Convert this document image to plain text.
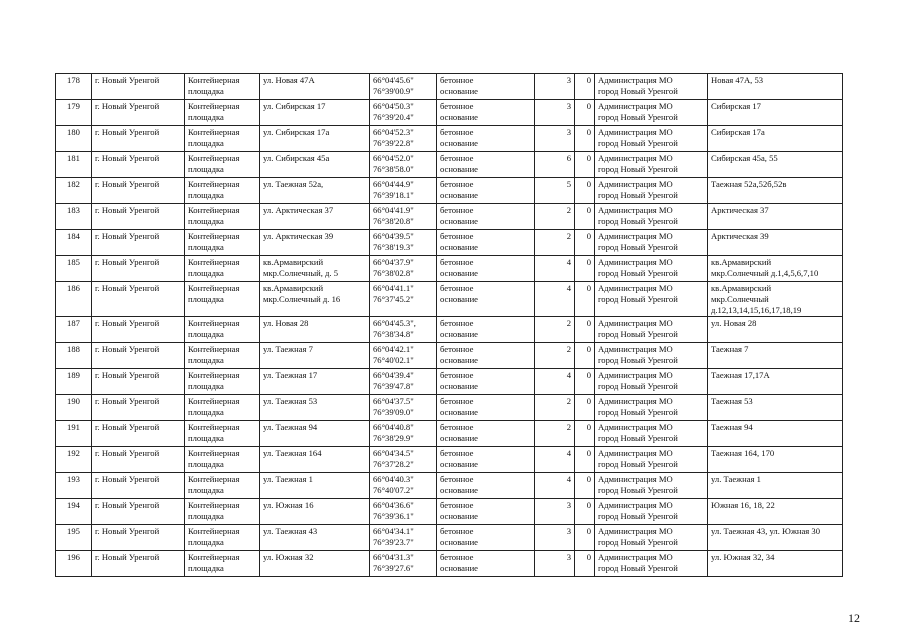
178	г. Новый Уренгой	Контейнерная
площадка	ул. Новая 47А	66°04'45.6"
76°39'00.9"	бетонное
основание	3	0	Администрация МО
город Новый Уренгой	Новая 47А, 53

179	г. Новый Уренгой	Контейнерная
площадка	ул. Сибирская 17	66°04'50.3"
76°39'20.4"	бетонное
основание	3	0	Администрация МО
город Новый Уренгой	Сибирская 17

180	г. Новый Уренгой	Контейнерная
площадка	ул. Сибирская 17а	66°04'52.3"
76°39'22.8"	бетонное
основание	3	0	Администрация МО
город Новый Уренгой	Сибирская 17а

181	г. Новый Уренгой	Контейнерная
площадка	ул. Сибирская 45а	66°04'52.0"
76°38'58.0"	бетонное
основание	6	0	Администрация МО
город Новый Уренгой	Сибирская 45а, 55

182	г. Новый Уренгой	Контейнерная
площадка	ул. Таежная 52а,	66°04'44.9"
76°39'18.1"	бетонное
основание	5	0	Администрация МО
город Новый Уренгой	Таежная 52а,52б,52в

183	г. Новый Уренгой	Контейнерная
площадка	ул. Арктическая 37	66°04'41.9"
76°38'20.8"	бетонное
основание	2	0	Администрация МО
город Новый Уренгой	Арктическая 37

184	г. Новый Уренгой	Контейнерная
площадка	ул. Арктическая 39	66°04'39.5"
76°38'19.3"	бетонное
основание	2	0	Администрация МО
город Новый Уренгой	Арктическая 39

185	г. Новый Уренгой	Контейнерная
площадка	кв.Армавирский
мкр.Солнечный, д. 5	66°04'37.9"
76°38'02.8"	бетонное
основание	4	0	Администрация МО
город Новый Уренгой	кв.Армавирский
мкр.Солнечный д.1,4,5,6,7,10

186	г. Новый Уренгой	Контейнерная
площадка	кв.Армавирский
мкр.Солнечный д. 16	66°04'41.1"
76°37'45.2"	бетонное
основание	4	0	Администрация МО
город Новый Уренгой	кв.Армавирский
мкр.Солнечный
д.12,13,14,15,16,17,18,19

187	г. Новый Уренгой	Контейнерная
площадка	ул. Новая 28	66°04'45.3",
76°38'34.8"	бетонное
основание	2	0	Администрация МО
город Новый Уренгой	ул. Новая 28

188	г. Новый Уренгой	Контейнерная
площадка	ул. Таежная 7	66°04'42.1"
76°40'02.1"	бетонное
основание	2	0	Администрация МО
город Новый Уренгой	Таежная 7

189	г. Новый Уренгой	Контейнерная
площадка	ул. Таежная 17	66°04'39.4"
76°39'47.8"	бетонное
основание	4	0	Администрация МО
город Новый Уренгой	Таежная 17,17А

190	г. Новый Уренгой	Контейнерная
площадка	ул. Таежная 53	66°04'37.5"
76°39'09.0"	бетонное
основание	2	0	Администрация МО
город Новый Уренгой	Таежная 53

191	г. Новый Уренгой	Контейнерная
площадка	ул. Таежная 94	66°04'40.8"
76°38'29.9"	бетонное
основание	2	0	Администрация МО
город Новый Уренгой	Таежная 94

192	г. Новый Уренгой	Контейнерная
площадка	ул. Таежная 164	66°04'34.5"
76°37'28.2"	бетонное
основание	4	0	Администрация МО
город Новый Уренгой	Таежная 164, 170

193	г. Новый Уренгой	Контейнерная
площадка	ул. Таежная 1	66°04'40.3"
76°40'07.2"	бетонное
основание	4	0	Администрация МО
город Новый Уренгой	ул. Таежная 1

194	г. Новый Уренгой	Контейнерная
площадка	ул. Южная 16	66°04'36.6"
76°39'36.1"	бетонное
основание	3	0	Администрация МО
город Новый Уренгой	Южная 16, 18, 22

195	г. Новый Уренгой	Контейнерная
площадка	ул. Таежная 43	66°04'34.1"
76°39'23.7"	бетонное
основание	3	0	Администрация МО
город Новый Уренгой	ул. Таежная 43, ул. Южная 30

196	г. Новый Уренгой	Контейнерная
площадка	ул. Южная 32	66°04'31.3"
76°39'27.6"	бетонное
основание	3	0	Администрация МО
город Новый Уренгой	ул. Южная 32, 34
12
